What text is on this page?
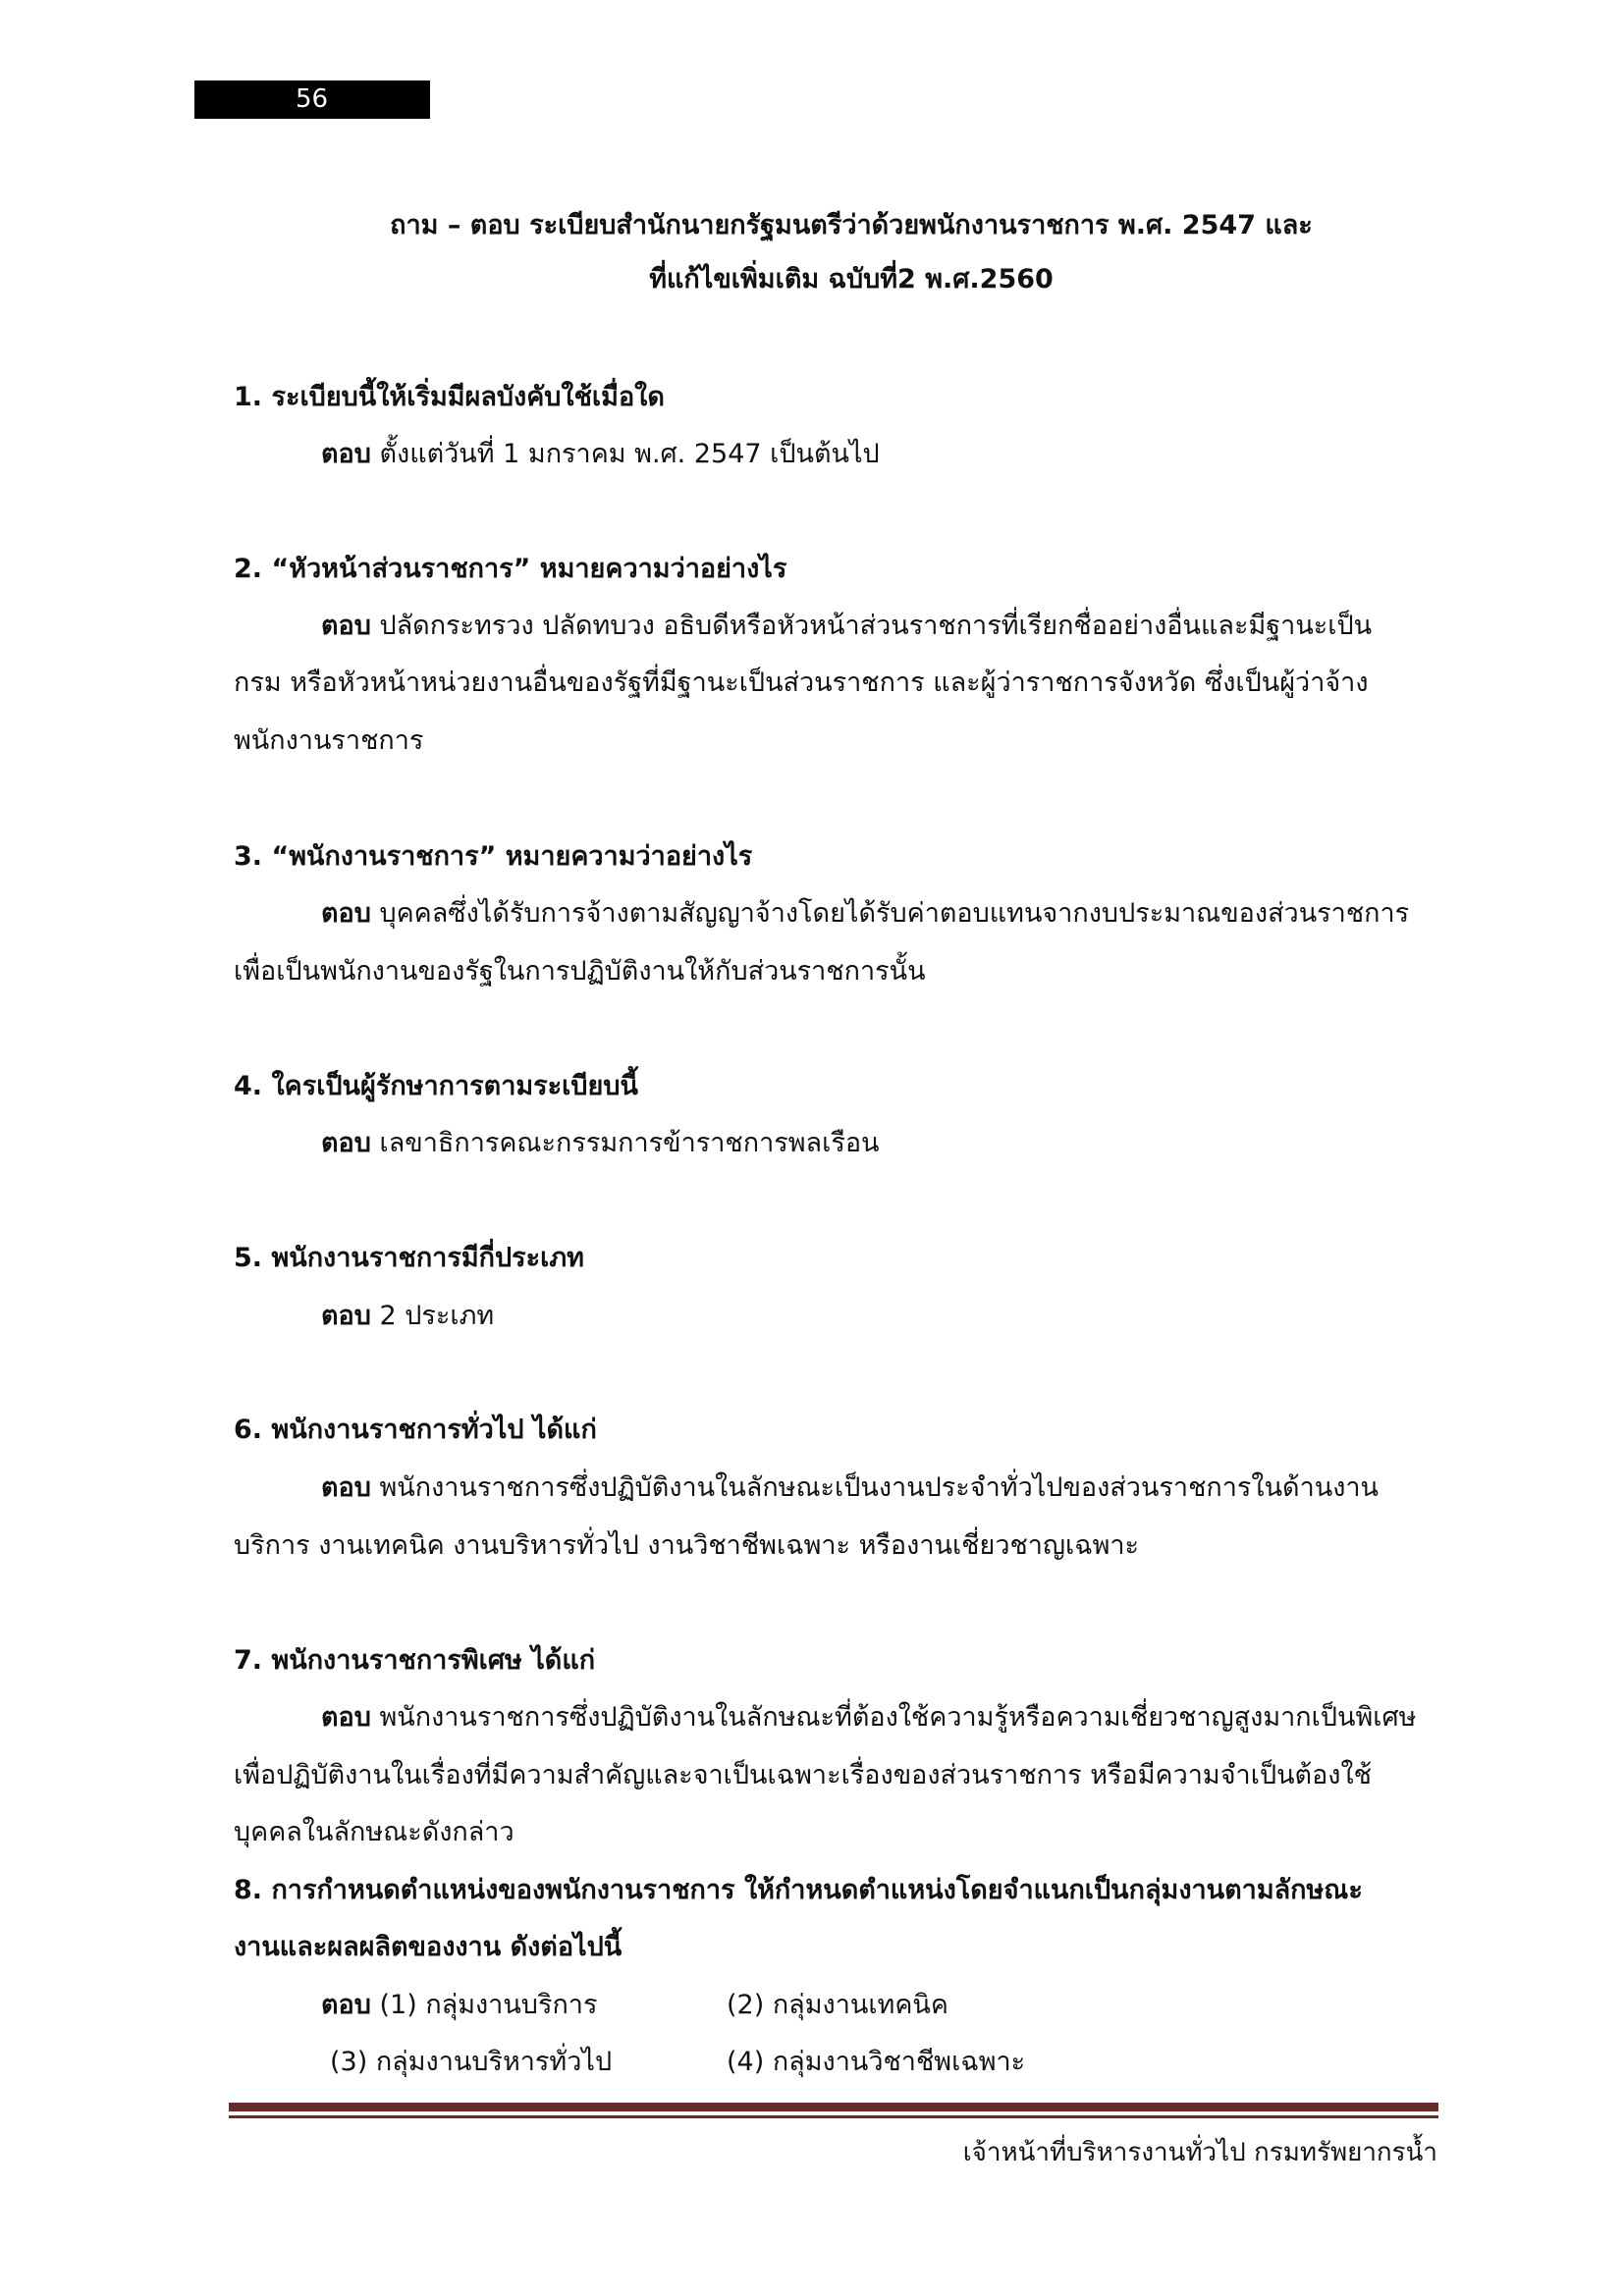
56
ถาม – ตอบ ระเบียบสำนักนายกรัฐมนตรีว่าด้วยพนักงานราชการ พ.ศ. 2547 และ
ที่แก้ไขเพิ่มเติม ฉบับที่2 พ.ศ.2560
1. ระเบียบนี้ให้เริ่มมีผลบังคับใช้เมื่อใด
ตอบ ตั้งแต่วันที่ 1 มกราคม พ.ศ. 2547 เป็นต้นไป
2. “หัวหน้าส่วนราชการ” หมายความว่าอย่างไร
ตอบ ปลัดกระทรวง ปลัดทบวง อธิบดีหรือหัวหน้าส่วนราชการที่เรียกชื่ออย่างอื่นและมีฐานะเป็น
กรม หรือหัวหน้าหน่วยงานอื่นของรัฐที่มีฐานะเป็นส่วนราชการ และผู้ว่าราชการจังหวัด ซึ่งเป็นผู้ว่าจ้าง
พนักงานราชการ
3. “พนักงานราชการ” หมายความว่าอย่างไร
ตอบ บุคคลซึ่งได้รับการจ้างตามสัญญาจ้างโดยได้รับค่าตอบแทนจากงบประมาณของส่วนราชการ
เพื่อเป็นพนักงานของรัฐในการปฏิบัติงานให้กับส่วนราชการนั้น
4. ใครเป็นผู้รักษาการตามระเบียบนี้
ตอบ เลขาธิการคณะกรรมการข้าราชการพลเรือน
5. พนักงานราชการมีกี่ประเภท
ตอบ 2 ประเภท
6. พนักงานราชการทั่วไป ได้แก่
ตอบ พนักงานราชการซึ่งปฏิบัติงานในลักษณะเป็นงานประจำทั่วไปของส่วนราชการในด้านงาน
บริการ งานเทคนิค งานบริหารทั่วไป งานวิชาชีพเฉพาะ หรืองานเชี่ยวชาญเฉพาะ
7. พนักงานราชการพิเศษ ได้แก่
ตอบ พนักงานราชการซึ่งปฏิบัติงานในลักษณะที่ต้องใช้ความรู้หรือความเชี่ยวชาญสูงมากเป็นพิเศษ
เพื่อปฏิบัติงานในเรื่องที่มีความสำคัญและจาเป็นเฉพาะเรื่องของส่วนราชการ หรือมีความจำเป็นต้องใช้
บุคคลในลักษณะดังกล่าว
8. การกำหนดตำแหน่งของพนักงานราชการ ให้กำหนดตำแหน่งโดยจำแนกเป็นกลุ่มงานตามลักษณะ
งานและผลผลิตของงาน ดังต่อไปนี้
ตอบ (1) กลุ่มงานบริการ	(2) กลุ่มงานเทคนิค
(3) กลุ่มงานบริหารทั่วไป	(4) กลุ่มงานวิชาชีพเฉพาะ
เจ้าหน้าที่บริหารงานทั่วไป กรมทรัพยากรน้ำ
